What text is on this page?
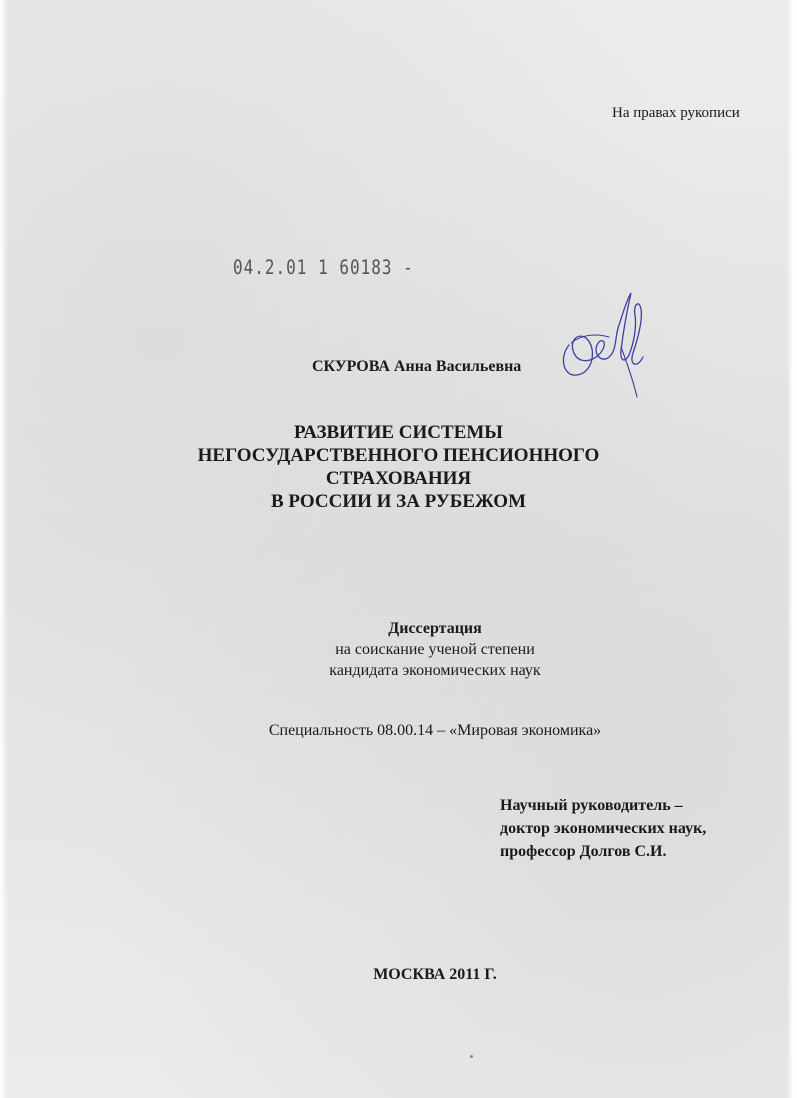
На правах рукописи
04.2.01 1 60183 -
СКУРОВА Анна Васильевна
РАЗВИТИЕ СИСТЕМЫ
НЕГОСУДАРСТВЕННОГО ПЕНСИОННОГО
СТРАХОВАНИЯ
В РОССИИ И ЗА РУБЕЖОМ
Диссертация
на соискание ученой степени
кандидата экономических наук
Специальность 08.00.14 – «Мировая экономика»
Научный руководитель –
доктор экономических наук,
профессор Долгов С.И.
МОСКВА 2011 Г.
